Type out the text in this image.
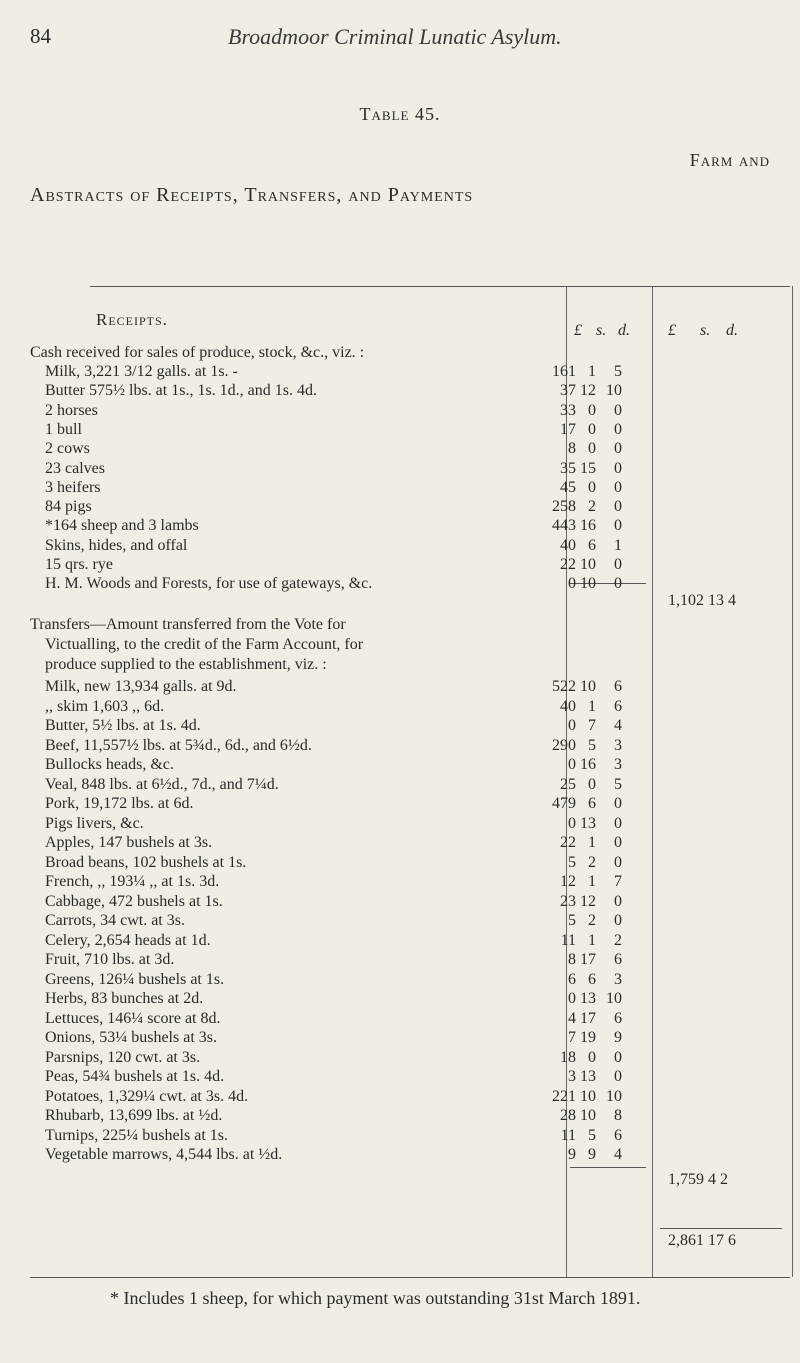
84	Broadmoor Criminal Lunatic Asylum.
Table 45.
Farm and
Abstracts of Receipts, Transfers, and Payments
Receipts.
£ s. d. £ s. d.
Cash received for sales of produce, stock, &c., viz. :
Milk, 3,221 3/12 galls. at 1s. -	161 1	5
Butter 575½ lbs. at 1s., 1s. 1d., and 1s. 4d.	37 12 10
2 horses	33 0	0
1 bull	17 0	0
2 cows	8 0	0
23 calves	35 15	0
3 heifers	45 0	0
84 pigs	258 2	0
*164 sheep and 3 lambs	443 16	0
Skins, hides, and offal	40 6	1
15 qrs. rye	22 10	0
H. M. Woods and Forests, for use of gateways, &c.	0 10	0
1,102 13 4
Transfers—Amount transferred from the Vote for
Victualling, to the credit of the Farm Account, for
produce supplied to the establishment, viz. :
Milk, new 13,934 galls. at 9d.	522 10	6
,, skim 1,603 ,, 6d.	40 1	6
Butter, 5½ lbs. at 1s. 4d.	0 7	4
Beef, 11,557½ lbs. at 5¾d., 6d., and 6½d.	290 5	3
Bullocks heads, &c.	0 16	3
Veal, 848 lbs. at 6½d., 7d., and 7¼d.	25 0	5
Pork, 19,172 lbs. at 6d.	479 6	0
Pigs livers, &c.	0 13	0
Apples, 147 bushels at 3s.	22 1	0
Broad beans, 102 bushels at 1s.	5 2	0
French, ,, 193¼ ,, at 1s. 3d.	12 1	7
Cabbage, 472 bushels at 1s.	23 12	0
Carrots, 34 cwt. at 3s.	5 2	0
Celery, 2,654 heads at 1d.	11 1	2
Fruit, 710 lbs. at 3d.	8 17	6
Greens, 126¼ bushels at 1s.	6 6	3
Herbs, 83 bunches at 2d.	0 13 10
Lettuces, 146¼ score at 8d.	4 17	6
Onions, 53¼ bushels at 3s.	7 19	9
Parsnips, 120 cwt. at 3s.	18 0	0
Peas, 54¾ bushels at 1s. 4d.	3 13	0
Potatoes, 1,329¼ cwt. at 3s. 4d.	221 10 10
Rhubarb, 13,699 lbs. at ½d.	28 10	8
Turnips, 225¼ bushels at 1s.	11 5	6
Vegetable marrows, 4,544 lbs. at ½d.	9 9	4
1,759 4 2
2,861 17 6
* Includes 1 sheep, for which payment was outstanding 31st March 1891.
